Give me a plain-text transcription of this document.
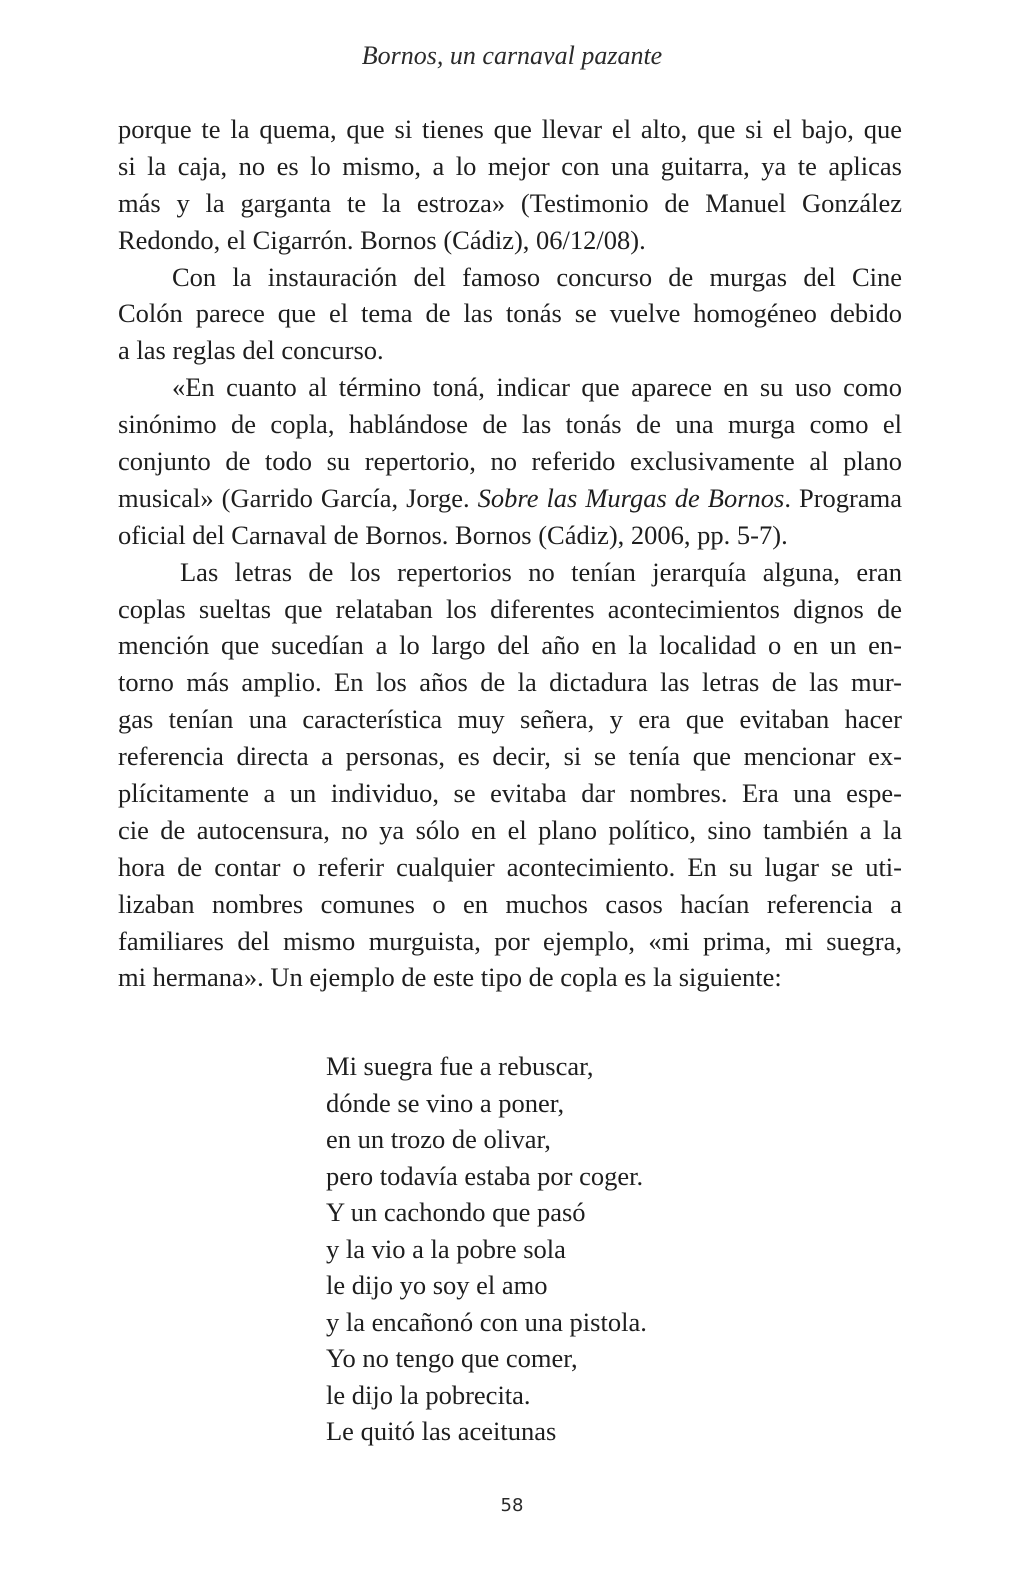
Bornos, un carnaval pazante
porque te la quema, que si tienes que llevar el alto, que si el bajo, que
si la caja, no es lo mismo, a lo mejor con una guitarra, ya te aplicas
más y la garganta te la estroza» (Testimonio de Manuel González
Redondo, el Cigarrón. Bornos (Cádiz), 06/12/08).
Con la instauración del famoso concurso de murgas del Cine
Colón parece que el tema de las tonás se vuelve homogéneo debido
a las reglas del concurso.
«En cuanto al término toná, indicar que aparece en su uso como
sinónimo de copla, hablándose de las tonás de una murga como el
conjunto de todo su repertorio, no referido exclusivamente al plano
musical» (Garrido García, Jorge. Sobre las Murgas de Bornos. Programa
oficial del Carnaval de Bornos. Bornos (Cádiz), 2006, pp. 5-7).
Las letras de los repertorios no tenían jerarquía alguna, eran
coplas sueltas que relataban los diferentes acontecimientos dignos de
mención que sucedían a lo largo del año en la localidad o en un en-
torno más amplio. En los años de la dictadura las letras de las mur-
gas tenían una característica muy señera, y era que evitaban hacer
referencia directa a personas, es decir, si se tenía que mencionar ex-
plícitamente a un individuo, se evitaba dar nombres. Era una espe-
cie de autocensura, no ya sólo en el plano político, sino también a la
hora de contar o referir cualquier acontecimiento. En su lugar se uti-
lizaban nombres comunes o en muchos casos hacían referencia a
familiares del mismo murguista, por ejemplo, «mi prima, mi suegra,
mi hermana». Un ejemplo de este tipo de copla es la siguiente:
Mi suegra fue a rebuscar,
dónde se vino a poner,
en un trozo de olivar,
pero todavía estaba por coger.
Y un cachondo que pasó
y la vio a la pobre sola
le dijo yo soy el amo
y la encañonó con una pistola.
Yo no tengo que comer,
le dijo la pobrecita.
Le quitó las aceitunas
58
